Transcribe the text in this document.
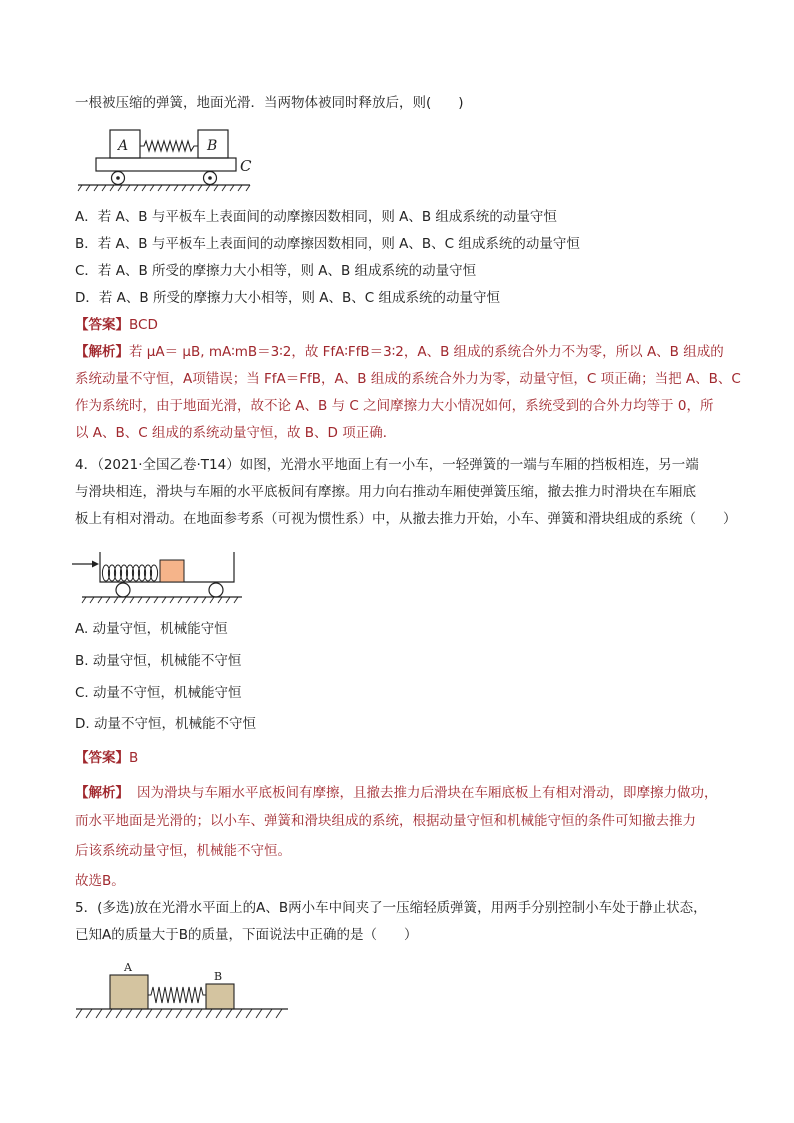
一根被压缩的弹簧，地面光滑．当两物体被同时释放后，则(　　)
A	B
C
A．若 A、B 与平板车上表面间的动摩擦因数相同，则 A、B 组成系统的动量守恒
B．若 A、B 与平板车上表面间的动摩擦因数相同，则 A、B、C 组成系统的动量守恒
C．若 A、B 所受的摩擦力大小相等，则 A、B 组成系统的动量守恒
D．若 A、B 所受的摩擦力大小相等，则 A、B、C 组成系统的动量守恒
【答案】BCD
【解析】若 μA＝ μB, mA∶mB＝3∶2，故 FfA∶FfB＝3∶2，A、B 组成的系统合外力不为零，所以 A、B 组成的
系统动量不守恒，A项错误；当 FfA＝FfB，A、B 组成的系统合外力为零，动量守恒，C 项正确；当把 A、B、C
作为系统时，由于地面光滑，故不论 A、B 与 C 之间摩擦力大小情况如何，系统受到的合外力均等于 0，所
以 A、B、C 组成的系统动量守恒，故 B、D 项正确．
4．（2021·全国乙卷·T14）如图，光滑水平地面上有一小车，一轻弹簧的一端与车厢的挡板相连，另一端
与滑块相连，滑块与车厢的水平底板间有摩擦。用力向右推动车厢使弹簧压缩，撤去推力时滑块在车厢底
板上有相对滑动。在地面参考系（可视为惯性系）中，从撤去推力开始，小车、弹簧和滑块组成的系统（　　）
A. 动量守恒，机械能守恒
B. 动量守恒，机械能不守恒
C. 动量不守恒，机械能守恒
D. 动量不守恒，机械能不守恒
【答案】B
【解析】 因为滑块与车厢水平底板间有摩擦，且撤去推力后滑块在车厢底板上有相对滑动，即摩擦力做功，
而水平地面是光滑的；以小车、弹簧和滑块组成的系统，根据动量守恒和机械能守恒的条件可知撤去推力
后该系统动量守恒，机械能不守恒。
故选B。
5．(多选)放在光滑水平面上的A、B两小车中间夹了一压缩轻质弹簧，用两手分别控制小车处于静止状态，
已知A的质量大于B的质量，下面说法中正确的是（　　）
A
B
